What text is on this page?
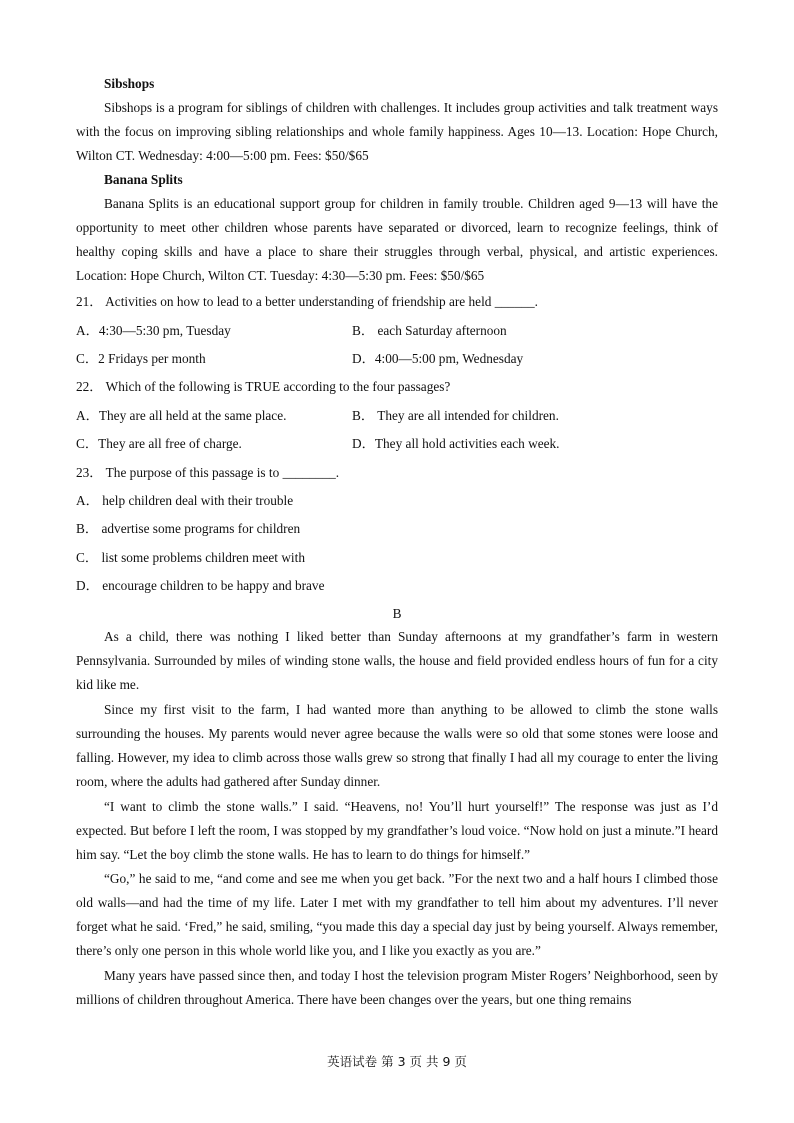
Sibshops
Sibshops is a program for siblings of children with challenges. It includes group activities and talk treatment ways with the focus on improving sibling relationships and whole family happiness. Ages 10—13. Location: Hope Church, Wilton CT. Wednesday: 4:00—5:00 pm. Fees: $50/$65
Banana Splits
Banana Splits is an educational support group for children in family trouble. Children aged 9—13 will have the opportunity to meet other children whose parents have separated or divorced, learn to recognize feelings, think of healthy coping skills and have a place to share their struggles through verbal, physical, and artistic experiences. Location: Hope Church, Wilton CT. Tuesday: 4:30—5:30 pm. Fees: $50/$65
21． Activities on how to lead to a better understanding of friendship are held ______.
A．4:30—5:30 pm, Tuesday	B． each Saturday afternoon
C．2 Fridays per month	D．4:00—5:00 pm, Wednesday
22． Which of the following is TRUE according to the four passages?
A．They are all held at the same place.	B． They are all intended for children.
C．They are all free of charge.	D．They all hold activities each week.
23． The purpose of this passage is to ________.
A． help children deal with their trouble
B． advertise some programs for children
C． list some problems children meet with
D． encourage children to be happy and brave
B
As a child, there was nothing I liked better than Sunday afternoons at my grandfather’s farm in western Pennsylvania. Surrounded by miles of winding stone walls, the house and field provided endless hours of fun for a city kid like me.
Since my first visit to the farm, I had wanted more than anything to be allowed to climb the stone walls surrounding the houses. My parents would never agree because the walls were so old that some stones were loose and falling. However, my idea to climb across those walls grew so strong that finally I had all my courage to enter the living room, where the adults had gathered after Sunday dinner.
“I want to climb the stone walls.” I said. “Heavens, no! You’ll hurt yourself!” The response was just as I’d expected. But before I left the room, I was stopped by my grandfather’s loud voice. “Now hold on just a minute.”I heard him say. “Let the boy climb the stone walls. He has to learn to do things for himself.”
“Go,” he said to me, “and come and see me when you get back. ”For the next two and a half hours I climbed those old walls—and had the time of my life. Later I met with my grandfather to tell him about my adventures. I’ll never forget what he said. ‘Fred,” he said, smiling, “you made this day a special day just by being yourself. Always remember, there’s only one person in this whole world like you, and I like you exactly as you are.”
Many years have passed since then, and today I host the television program Mister Rogers’ Neighborhood, seen by millions of children throughout America. There have been changes over the years, but one thing remains
英语试卷 第 3 页 共 9 页
